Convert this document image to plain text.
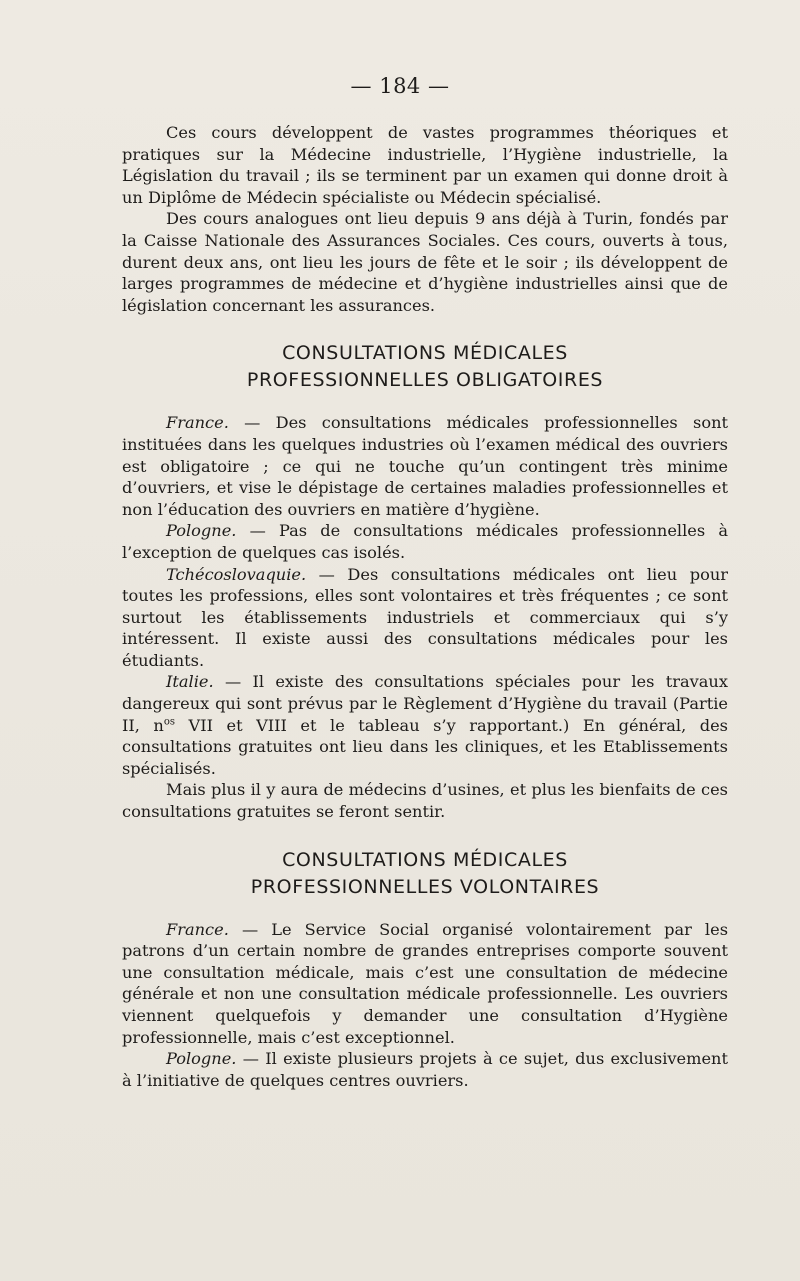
— 184 —

Ces cours développent de vastes programmes théoriques et pratiques sur la Médecine industrielle, l’Hygiène industrielle, la Législation du travail ; ils se terminent par un examen qui donne droit à un Diplôme de Médecin spécialiste ou Médecin spécialisé.

Des cours analogues ont lieu depuis 9 ans déjà à Turin, fondés par la Caisse Nationale des Assurances Sociales. Ces cours, ouverts à tous, durent deux ans, ont lieu les jours de fête et le soir ; ils développent de larges programmes de médecine et d’hygiène industrielles ainsi que de législation concernant les assurances.

CONSULTATIONS MÉDICALES

PROFESSIONNELLES OBLIGATOIRES

France. — Des consultations médicales professionnelles sont instituées dans les quelques industries où l’examen médical des ouvriers est obligatoire ; ce qui ne touche qu’un contingent très minime d’ouvriers, et vise le dépistage de certaines maladies professionnelles et non l’éducation des ouvriers en matière d’hygiène.

Pologne. — Pas de consultations médicales professionnelles à l’exception de quelques cas isolés.

Tchécoslovaquie. — Des consultations médicales ont lieu pour toutes les professions, elles sont volontaires et très fréquentes ; ce sont surtout les établissements industriels et commerciaux qui s’y intéressent. Il existe aussi des consultations médicales pour les étudiants.

Italie. — Il existe des consultations spéciales pour les travaux dangereux qui sont prévus par le Règlement d’Hygiène du travail (Partie II, $n^{os}$ VII et VIII et le tableau s’y rapportant.) En général, des consultations gratuites ont lieu dans les cliniques, et les Etablissements spécialisés.

Mais plus il y aura de médecins d’usines, et plus les bienfaits de ces consultations gratuites se feront sentir.

CONSULTATIONS MÉDICALES

PROFESSIONNELLES VOLONTAIRES

France. — Le Service Social organisé volontairement par les patrons d’un certain nombre de grandes entreprises comporte souvent une consultation médicale, mais c’est une consultation de médecine générale et non une consultation médicale professionnelle. Les ouvriers viennent quelquefois y demander une consultation d’Hygiène professionnelle, mais c’est exceptionnel.

Pologne. — Il existe plusieurs projets à ce sujet, dus exclusivement à l’initiative de quelques centres ouvriers.
